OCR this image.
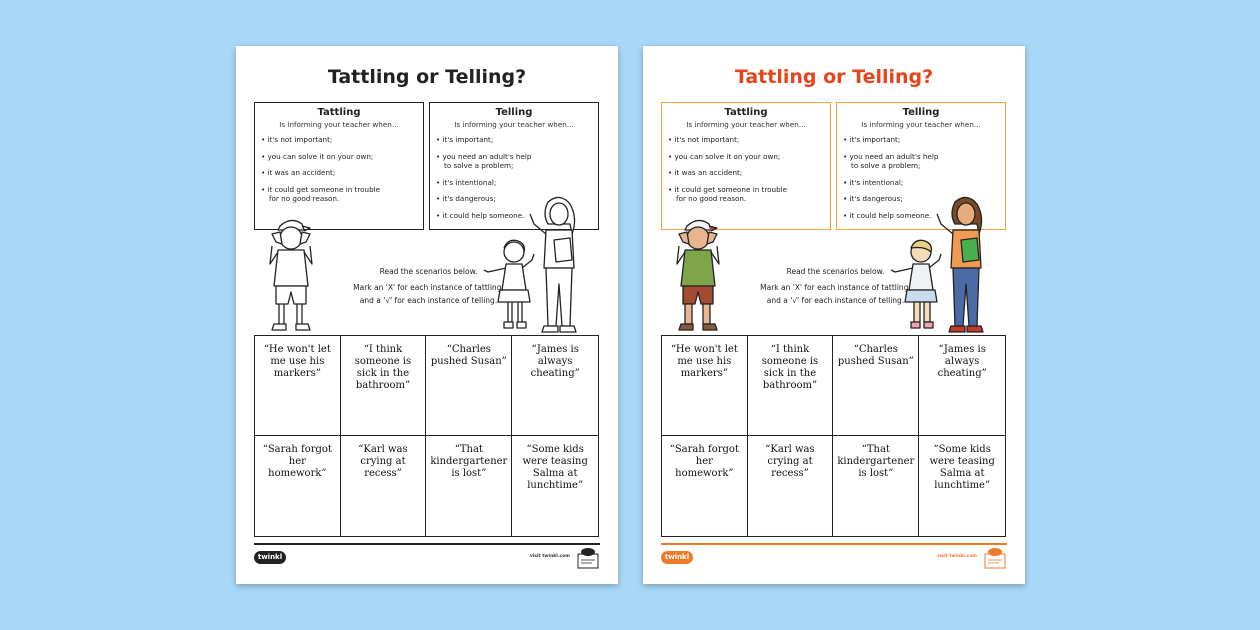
Tattling or Telling?
Tattling
Is informing your teacher when...
• it's not important;
• you can solve it on your own;
• it was an accident;
• it could get someone in trouble
for no good reason.
Telling
Is informing your teacher when...
• it's important;
• you need an adult's help
to solve a problem;
• it's intentional;
• it's dangerous;
• it could help someone.
Read the scenarios below.
Mark an 'X' for each instance of tattling,
and a '√' for each instance of telling.
“He won't let me use his markers”
“I think someone is sick in the bathroom”
“Charles pushed Susan”
“James is always cheating”
“Sarah forgot her homework”
“Karl was crying at recess”
“That kindergartener is lost”
“Some kids were teasing Salma at lunchtime”
twinkl	visit twinkl.com
Tattling or Telling?
Tattling
Is informing your teacher when...
• it's not important;
• you can solve it on your own;
• it was an accident;
• it could get someone in trouble
for no good reason.
Telling
Is informing your teacher when...
• it's important;
• you need an adult's help
to solve a problem;
• it's intentional;
• it's dangerous;
• it could help someone.
Read the scenarios below.
Mark an 'X' for each instance of tattling,
and a '√' for each instance of telling.
“He won't let me use his markers”
“I think someone is sick in the bathroom”
“Charles pushed Susan”
“James is always cheating”
“Sarah forgot her homework”
“Karl was crying at recess”
“That kindergartener is lost”
“Some kids were teasing Salma at lunchtime”
twinkl	visit twinkl.com
